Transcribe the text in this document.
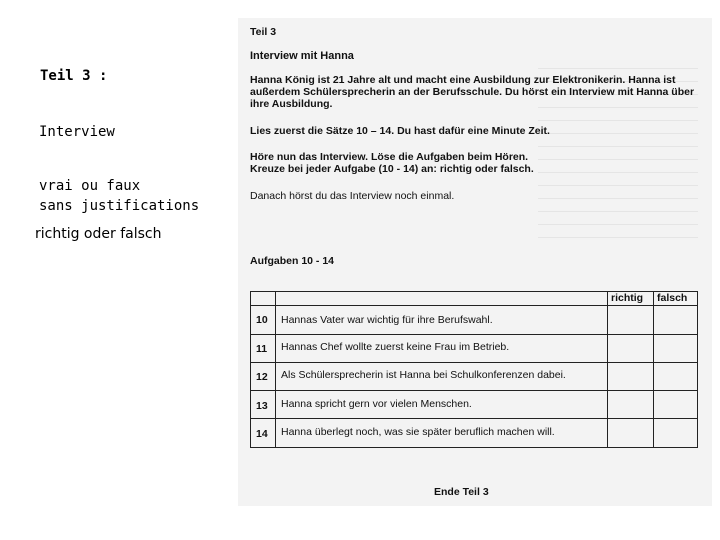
Teil 3 :
Interview
vrai ou faux
sans justifications
richtig oder falsch
Teil 3
Interview mit Hanna
Hanna König ist 21 Jahre alt und macht eine Ausbildung zur Elektronikerin. Hanna ist
außerdem Schülersprecherin an der Berufsschule. Du hörst ein Interview mit Hanna über
ihre Ausbildung.
Lies zuerst die Sätze 10 – 14. Du hast dafür eine Minute Zeit.
Höre nun das Interview. Löse die Aufgaben beim Hören.
Kreuze bei jeder Aufgabe (10 - 14) an: richtig oder falsch.
Danach hörst du das Interview noch einmal.
Aufgaben 10 - 14
richtig falsch
10 Hannas Vater war wichtig für ihre Berufswahl.
11 Hannas Chef wollte zuerst keine Frau im Betrieb.
12 Als Schülersprecherin ist Hanna bei Schulkonferenzen dabei.
13 Hanna spricht gern vor vielen Menschen.
14 Hanna überlegt noch, was sie später beruflich machen will.
Ende Teil 3
